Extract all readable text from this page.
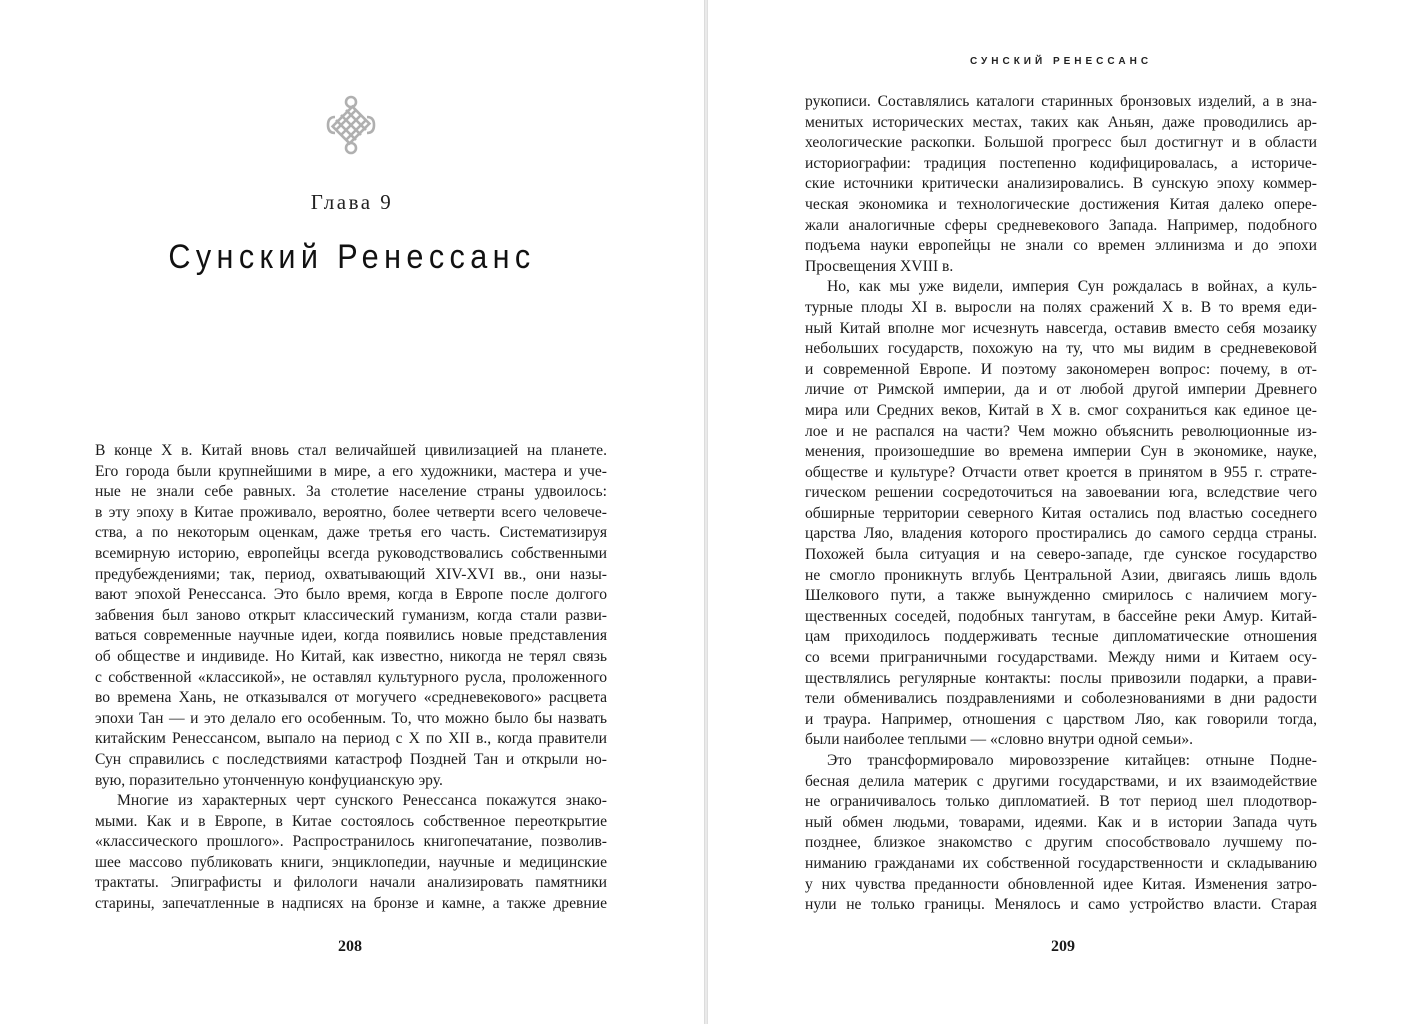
Глава 9
Сунский Ренессанс
В конце X в. Китай вновь стал величайшей цивилизацией на планете.
Его города были крупнейшими в мире, а его художники, мастера и уче-
ные не знали себе равных. За столетие население страны удвоилось:
в эту эпоху в Китае проживало, вероятно, более четверти всего человече-
ства, а по некоторым оценкам, даже третья его часть. Систематизируя
всемирную историю, европейцы всегда руководствовались собственными
предубеждениями; так, период, охватывающий XIV-XVI вв., они назы-
вают эпохой Ренессанса. Это было время, когда в Европе после долгого
забвения был заново открыт классический гуманизм, когда стали разви-
ваться современные научные идеи, когда появились новые представления
об обществе и индивиде. Но Китай, как известно, никогда не терял связь
с собственной «классикой», не оставлял культурного русла, проложенного
во времена Хань, не отказывался от могучего «средневекового» расцвета
эпохи Тан — и это делало его особенным. То, что можно было бы назвать
китайским Ренессансом, выпало на период с X по XII в., когда правители
Сун справились с последствиями катастроф Поздней Тан и открыли но-
вую, поразительно утонченную конфуцианскую эру.
Многие из характерных черт сунского Ренессанса покажутся знако-
мыми. Как и в Европе, в Китае состоялось собственное переоткрытие
«классического прошлого». Распространилось книгопечатание, позволив-
шее массово публиковать книги, энциклопедии, научные и медицинские
трактаты. Эпиграфисты и филологи начали анализировать памятники
старины, запечатленные в надписях на бронзе и камне, а также древние
208
СУНСКИЙ РЕНЕССАНС
рукописи. Составлялись каталоги старинных бронзовых изделий, а в зна-
менитых исторических местах, таких как Аньян, даже проводились ар-
хеологические раскопки. Большой прогресс был достигнут и в области
историографии: традиция постепенно кодифицировалась, а историче-
ские источники критически анализировались. В сунскую эпоху коммер-
ческая экономика и технологические достижения Китая далеко опере-
жали аналогичные сферы средневекового Запада. Например, подобного
подъема науки европейцы не знали со времен эллинизма и до эпохи
Просвещения XVIII в.
Но, как мы уже видели, империя Сун рождалась в войнах, а куль-
турные плоды XI в. выросли на полях сражений X в. В то время еди-
ный Китай вполне мог исчезнуть навсегда, оставив вместо себя мозаику
небольших государств, похожую на ту, что мы видим в средневековой
и современной Европе. И поэтому закономерен вопрос: почему, в от-
личие от Римской империи, да и от любой другой империи Древнего
мира или Средних веков, Китай в X в. смог сохраниться как единое це-
лое и не распался на части? Чем можно объяснить революционные из-
менения, произошедшие во времена империи Сун в экономике, науке,
обществе и культуре? Отчасти ответ кроется в принятом в 955 г. страте-
гическом решении сосредоточиться на завоевании юга, вследствие чего
обширные территории северного Китая остались под властью соседнего
царства Ляо, владения которого простирались до самого сердца страны.
Похожей была ситуация и на северо-западе, где сунское государство
не смогло проникнуть вглубь Центральной Азии, двигаясь лишь вдоль
Шелкового пути, а также вынужденно смирилось с наличием могу-
щественных соседей, подобных тангутам, в бассейне реки Амур. Китай-
цам приходилось поддерживать тесные дипломатические отношения
со всеми приграничными государствами. Между ними и Китаем осу-
ществлялись регулярные контакты: послы привозили подарки, а прави-
тели обменивались поздравлениями и соболезнованиями в дни радости
и траура. Например, отношения с царством Ляо, как говорили тогда,
были наиболее теплыми — «словно внутри одной семьи».
Это трансформировало мировоззрение китайцев: отныне Подне-
бесная делила материк с другими государствами, и их взаимодействие
не ограничивалось только дипломатией. В тот период шел плодотвор-
ный обмен людьми, товарами, идеями. Как и в истории Запада чуть
позднее, близкое знакомство с другим способствовало лучшему по-
ниманию гражданами их собственной государственности и складыванию
у них чувства преданности обновленной идее Китая. Изменения затро-
нули не только границы. Менялось и само устройство власти. Старая
209
